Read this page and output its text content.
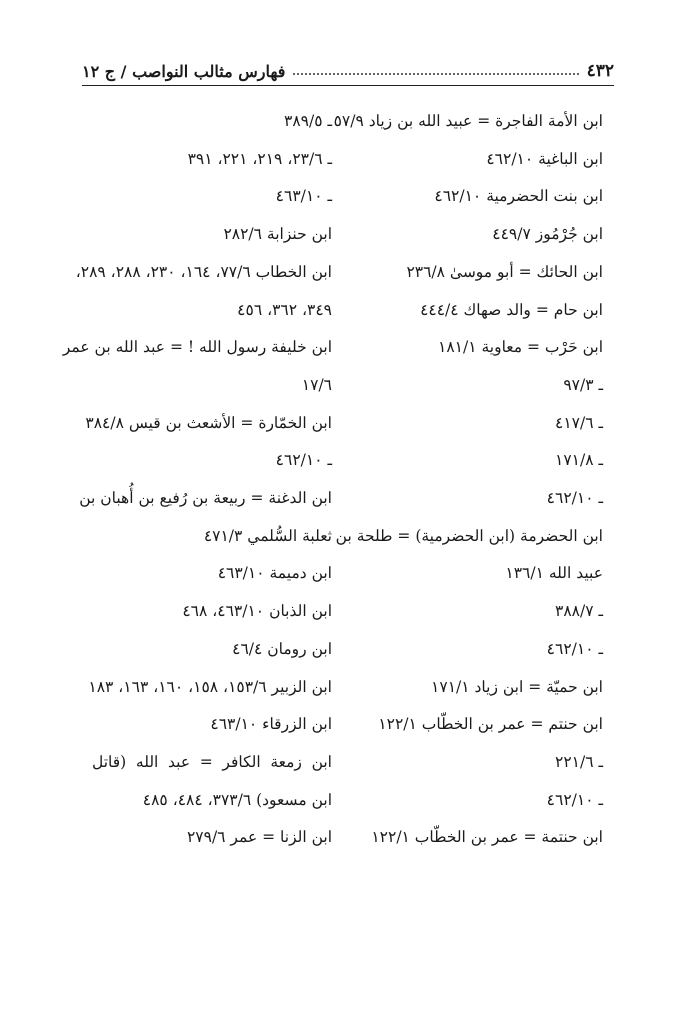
٤٣٢
فهارس مثالب النواصب / ج ١٢
ابن الأمة الفاجرة = عبيد الله بن زياد ٥٧/٩
ابن الباغية ٤٦٢/١٠
ابن بنت الحضرمية ٤٦٢/١٠
ابن جُرْمُوز ٤٤٩/٧
ابن الحائك = أبو موسىٰ ٢٣٦/٨
ابن حام = والد صهاك ٤٤٤/٤
ابن حَرْب = معاوية ١٨١/١
ـ ٩٧/٣
ـ ٤١٧/٦
ـ ١٧١/٨
ـ ٤٦٢/١٠
ابن الحضرمة (ابن الحضرمية) = طلحة بن
عبيد الله ١٣٦/١
ـ ٣٨٨/٧
ـ ٤٦٢/١٠
ابن حميّة = ابن زياد ١٧١/١
ابن حنتم = عمر بن الخطّاب ١٢٢/١
ـ ٢٢١/٦
ـ ٤٦٢/١٠
ابن حنتمة = عمر بن الخطّاب ١٢٢/١
ـ ٣٨٩/٥
ـ ٢٣/٦، ٢١٩، ٢٢١، ٣٩١
ـ ٤٦٣/١٠
ابن حنزابة ٢٨٢/٦
ابن الخطاب ٧٧/٦، ١٦٤، ٢٣٠، ٢٨٨، ٢٨٩،
٣٤٩، ٣٦٢، ٤٥٦
ابن خليفة رسول الله ! = عبد الله بن عمر
١٧/٦
ابن الخمّارة = الأشعث بن قيس ٣٨٤/٨
ـ ٤٦٢/١٠
ابن الدغنة = ربيعة بن رُفيع بن أُهبان بن
ثعلبة السُّلمي ٤٧١/٣
ابن دميمة ٤٦٣/١٠
ابن الذبان ٤٦٣/١٠، ٤٦٨
ابن رومان ٤٦/٤
ابن الزبير ١٥٣/٦، ١٥٨، ١٦٠، ١٦٣، ١٨٣
ابن الزرقاء ٤٦٣/١٠
ابن زمعة الكافر = عبد الله (قاتل
ابن مسعود) ٣٧٣/٦، ٤٨٤، ٤٨٥
ابن الزنا = عمر ٢٧٩/٦
